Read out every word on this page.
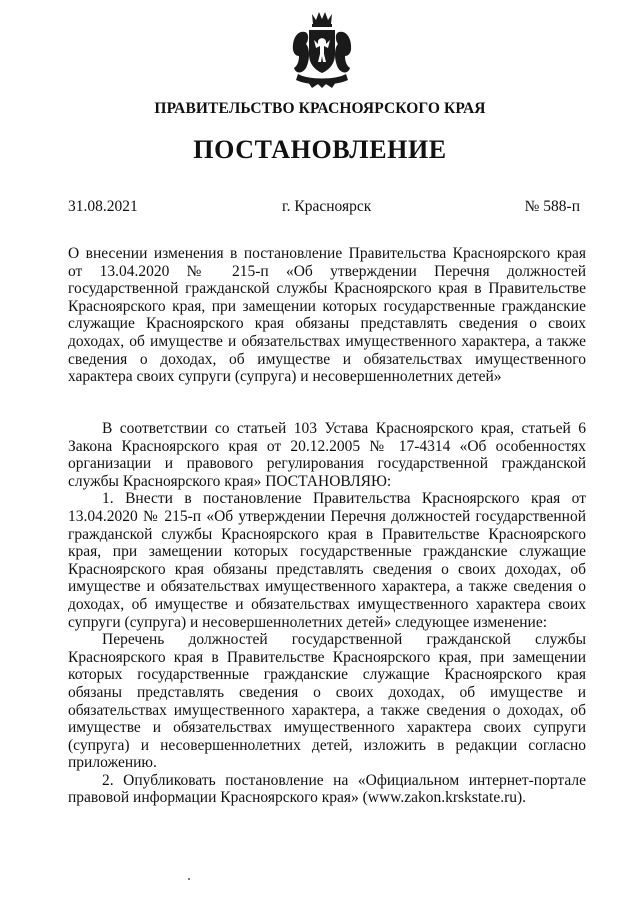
ПРАВИТЕЛЬСТВО КРАСНОЯРСКОГО КРАЯ
ПОСТАНОВЛЕНИЕ
31.08.2021	г. Красноярск	№ 588-п
О внесении изменения в постановление Правительства Красноярского края от 13.04.2020 № 215-п «Об утверждении Перечня должностей государственной гражданской службы Красноярского края в Правительстве Красноярского края, при замещении которых государственные гражданские служащие Красноярского края обязаны представлять сведения о своих доходах, об имуществе и обязательствах имущественного характера, а также сведения о доходах, об имуществе и обязательствах имущественного характера своих супруги (супруга) и несовершеннолетних детей»

В соответствии со статьей 103 Устава Красноярского края, статьей 6 Закона Красноярского края от 20.12.2005 № 17-4314 «Об особенностях организации и правового регулирования государственной гражданской службы Красноярского края» ПОСТАНОВЛЯЮ:

1. Внести в постановление Правительства Красноярского края от 13.04.2020 № 215-п «Об утверждении Перечня должностей государственной гражданской службы Красноярского края в Правительстве Красноярского края, при замещении которых государственные гражданские служащие Красноярского края обязаны представлять сведения о своих доходах, об имуществе и обязательствах имущественного характера, а также сведения о доходах, об имуществе и обязательствах имущественного характера своих супруги (супруга) и несовершеннолетних детей» следующее изменение:

Перечень должностей государственной гражданской службы Красноярского края в Правительстве Красноярского края, при замещении которых государственные гражданские служащие Красноярского края обязаны представлять сведения о своих доходах, об имуществе и обязательствах имущественного характера, а также сведения о доходах, об имуществе и обязательствах имущественного характера своих супруги (супруга) и несовершеннолетних детей, изложить в редакции согласно приложению.

2. Опубликовать постановление на «Официальном интернет-портале правовой информации Красноярского края» (www.zakon.krskstate.ru).
